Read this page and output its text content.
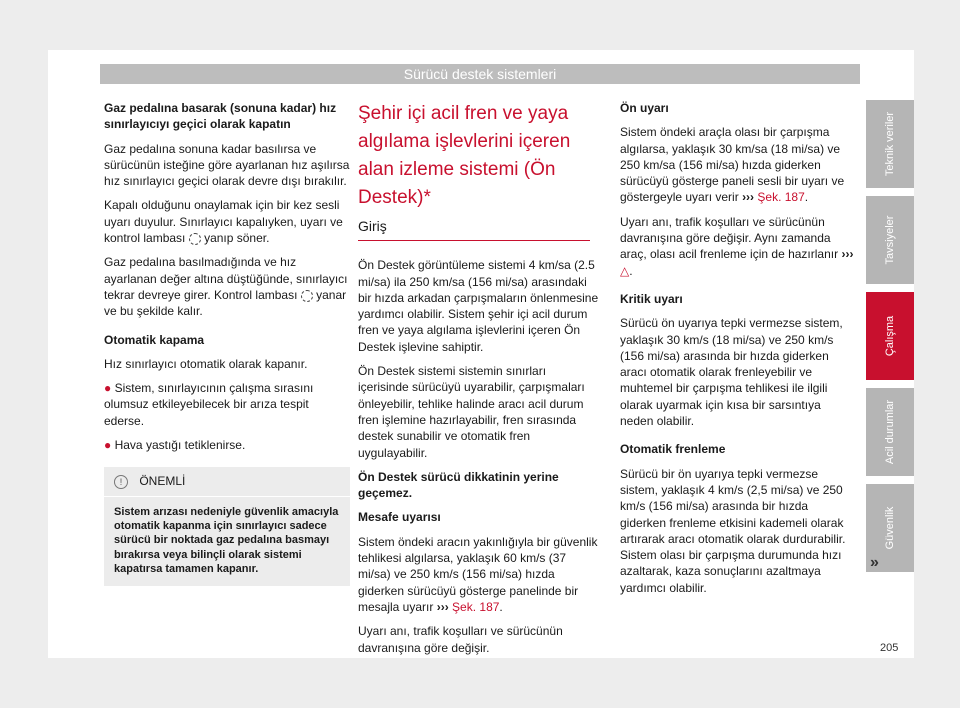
Sürücü destek sistemleri

Gaz pedalına basarak (sonuna kadar) hız sınırlayıcıyı geçici olarak kapatın

Gaz pedalına sonuna kadar basılırsa ve sürücünün isteğine göre ayarlanan hız aşılırsa hız sınırlayıcı geçici olarak devre dışı bırakılır.

Kapalı olduğunu onaylamak için bir kez sesli uyarı duyulur. Sınırlayıcı kapalıyken, uyarı ve kontrol lambası yanıp söner.

Gaz pedalına basılmadığında ve hız ayarlanan değer altına düştüğünde, sınırlayıcı tekrar devreye girer. Kontrol lambası yanar ve bu şekilde kalır.

Otomatik kapama

Hız sınırlayıcı otomatik olarak kapanır.

● Sistem, sınırlayıcının çalışma sırasını olumsuz etkileyebilecek bir arıza tespit ederse.

● Hava yastığı tetiklenirse.

! ÖNEMLİ
Sistem arızası nedeniyle güvenlik amacıyla otomatik kapanma için sınırlayıcı sadece sürücü bir noktada gaz pedalına basmayı bırakırsa veya bilinçli olarak sistemi kapatırsa tamamen kapanır.
Şehir içi acil fren ve yaya algılama işlevlerini içeren alan izleme sistemi (Ön Destek)*
Giriş

Ön Destek görüntüleme sistemi 4 km/sa (2.5 mi/sa) ila 250 km/sa (156 mi/sa) arasındaki bir hızda arkadan çarpışmaların önlenmesine yardımcı olabilir. Sistem şehir içi acil durum fren ve yaya algılama işlevlerini içeren Ön Destek işlevine sahiptir.

Ön Destek sistemi sistemin sınırları içerisinde sürücüyü uyarabilir, çarpışmaları önleyebilir, tehlike halinde aracı acil durum fren işlemine hazırlayabilir, fren sırasında destek sunabilir ve otomatik fren uygulayabilir.

Ön Destek sürücü dikkatinin yerine geçemez.

Mesafe uyarısı

Sistem öndeki aracın yakınlığıyla bir güvenlik tehlikesi algılarsa, yaklaşık 60 km/s (37 mi/sa) ve 250 km/s (156 mi/sa) hızda giderken sürücüyü gösterge panelinde bir mesajla uyarır ››› Şek. 187.

Uyarı anı, trafik koşulları ve sürücünün davranışına göre değişir.

Ön uyarı

Sistem öndeki araçla olası bir çarpışma algılarsa, yaklaşık 30 km/sa (18 mi/sa) ve 250 km/sa (156 mi/sa) hızda giderken sürücüyü gösterge paneli sesli bir uyarı ve göstergeyle uyarı verir ››› Şek. 187.

Uyarı anı, trafik koşulları ve sürücünün davranışına göre değişir. Aynı zamanda araç, olası acil frenleme için de hazırlanır ››› △.

Kritik uyarı

Sürücü ön uyarıya tepki vermezse sistem, yaklaşık 30 km/s (18 mi/sa) ve 250 km/s (156 mi/sa) arasında bir hızda giderken aracı otomatik olarak frenleyebilir ve muhtemel bir çarpışma tehlikesi ile ilgili olarak uyarmak için kısa bir sarsıntıya neden olabilir.

Otomatik frenleme

Sürücü bir ön uyarıya tepki vermezse sistem, yaklaşık 4 km/s (2,5 mi/sa) ve 250 km/s (156 mi/sa) arasında bir hızda giderken frenleme etkisini kademeli olarak artırarak aracı otomatik olarak durdurabilir. Sistem olası bir çarpışma durumunda hızı azaltarak, kaza sonuçlarını azaltmaya yardımcı olabilir.

Teknik veriler
Tavsiyeler
Çalışma
Acil durumlar
Güvenlik
»
205
